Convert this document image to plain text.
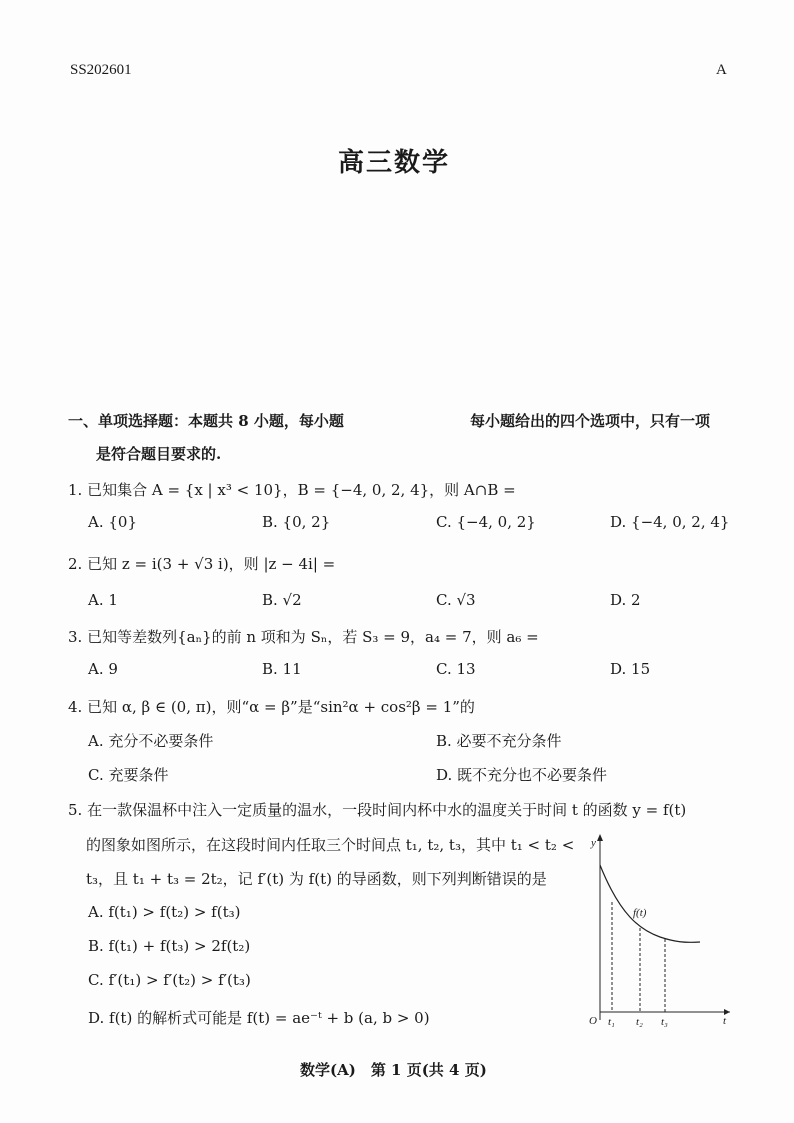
SS202601	A
高三数学
一、单项选择题：本题共 8 小题，每小题	每小题给出的四个选项中，只有一项
是符合题目要求的.
1. 已知集合 A = {x | x³ < 10}，B = {−4, 0, 2, 4}，则 A∩B =
A. {0}	B. {0, 2}	C. {−4, 0, 2}	D. {−4, 0, 2, 4}
2. 已知 z = i(3 + √3 i)，则 |z − 4i| =
A. 1	B. √2	C. √3	D. 2
3. 已知等差数列{aₙ}的前 n 项和为 Sₙ，若 S₃ = 9，a₄ = 7，则 a₆ =
A. 9	B. 11	C. 13	D. 15
4. 已知 α, β ∈ (0, π)，则“α = β”是“sin²α + cos²β = 1”的
A. 充分不必要条件	B. 必要不充分条件
C. 充要条件	D. 既不充分也不必要条件
5. 在一款保温杯中注入一定质量的温水，一段时间内杯中水的温度关于时间 t 的函数 y = f(t)
的图象如图所示，在这段时间内任取三个时间点 t₁, t₂, t₃，其中 t₁ < t₂ <
t₃，且 t₁ + t₃ = 2t₂，记 f′(t) 为 f(t) 的导函数，则下列判断错误的是
A. f(t₁) > f(t₂) > f(t₃)
B. f(t₁) + f(t₃) > 2f(t₂)
C. f′(t₁) > f′(t₂) > f′(t₃)
D. f(t) 的解析式可能是 f(t) = ae⁻ᵗ + b (a, b > 0)
y
t
O
f(t)
t₁ t₂ t₃
数学(A)　第 1 页(共 4 页)
